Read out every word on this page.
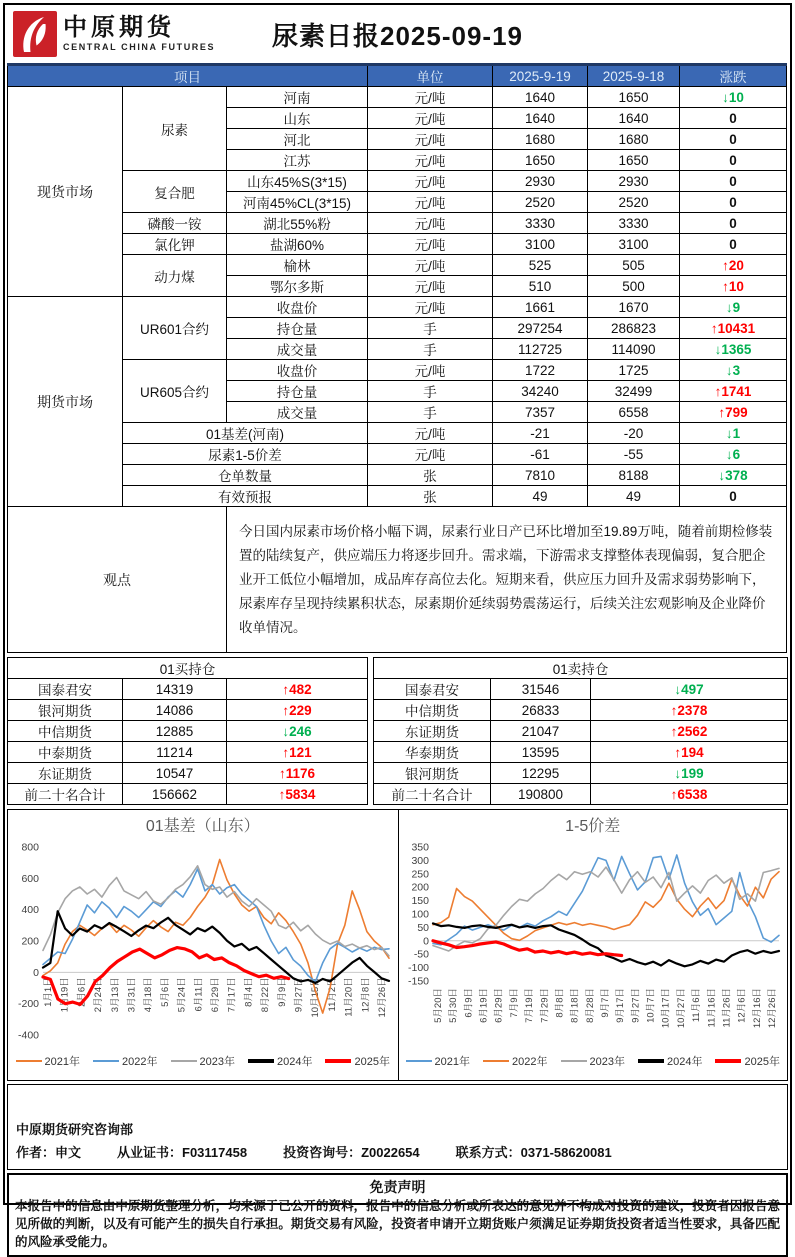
中原期货
CENTRAL CHINA FUTURES	尿素日报2025-09-19
项目			单位	2025-9-19	2025-9-18	涨跌
现货市场	尿素	河南	元/吨	1640	1650	↓10
		山东	元/吨	1640	1640	0
		河北	元/吨	1680	1680	0
		江苏	元/吨	1650	1650	0
	复合肥	山东45%S(3*15)	元/吨	2930	2930	0
		河南45%CL(3*15)	元/吨	2520	2520	0
	磷酸一铵	湖北55%粉	元/吨	3330	3330	0
	氯化钾	盐湖60%	元/吨	3100	3100	0
	动力煤	榆林	元/吨	525	505	↑20
		鄂尔多斯	元/吨	510	500	↑10
期货市场	UR601合约	收盘价	元/吨	1661	1670	↓9
		持仓量	手	297254	286823	↑10431
		成交量	手	112725	114090	↓1365
	UR605合约	收盘价	元/吨	1722	1725	↓3
		持仓量	手	34240	32499	↑1741
		成交量	手	7357	6558	↑799
	01基差(河南)		元/吨	-21	-20	↓1
	尿素1-5价差		元/吨	-61	-55	↓6
	仓单数量		张	7810	8188	↓378
	有效预报		张	49	49	0
观点		今日国内尿素市场价格小幅下调，尿素行业日产已环比增加至19.89万吨，随着前期检修装置的陆续复产，供应端压力将逐步回升。需求端，下游需求支撑整体表现偏弱，复合肥企业开工低位小幅增加，成品库存高位去化。短期来看，供应压力回升及需求弱势影响下，尿素库存呈现持续累积状态，尿素期价延续弱势震荡运行，后续关注宏观影响及企业降价收单情况。				
01买持仓		
国泰君安	14319	↑482
银河期货	14086	↑229
中信期货	12885	↓246
中泰期货	11214	↑121
东证期货	10547	↑1176
前二十名合计	156662	↑5834
01卖持仓		
国泰君安	31546	↓497
中信期货	26833	↑2378
东证期货	21047	↑2562
华泰期货	13595	↑194
银河期货	12295	↓199
前二十名合计	190800	↑6538
01基差（山东）
800
600
400
200
0
-200
-400
1月1日 1月19日 2月6日 2月24日 3月13日 3月31日 4月18日 5月6日 5月24日 6月11日 6月29日 7月17日 8月4日 8月22日 9月9日 9月27日 10月15日 11月2日 11月20日 12月8日 12月26日
2021年	2022年	2023年	2024年	2025年
1-5价差
350
300
250
200
150
100
50
0
-50
-100
-150
5月20日 5月30日 6月9日 6月19日 6月29日 7月9日 7月19日 7月29日 8月8日 8月18日 8月28日 9月7日 9月17日 9月27日 10月7日 10月17日 10月27日 11月6日 11月16日 11月26日 12月6日 12月16日 12月26日
2021年	2022年	2023年	2024年	2025年
中原期货研究咨询部
作者：申文	从业证书：F03117458	投资咨询号：Z0022654	联系方式：0371-58620081
免责声明
本报告中的信息由中原期货整理分析，均来源于已公开的资料，报告中的信息分析或所表达的意见并不构成对投资的建议，投资者因报告意见所做的判断，以及有可能产生的损失自行承担。期货交易有风险，投资者申请开立期货账户须满足证券期货投资者适当性要求，具备匹配的风险承受能力。
